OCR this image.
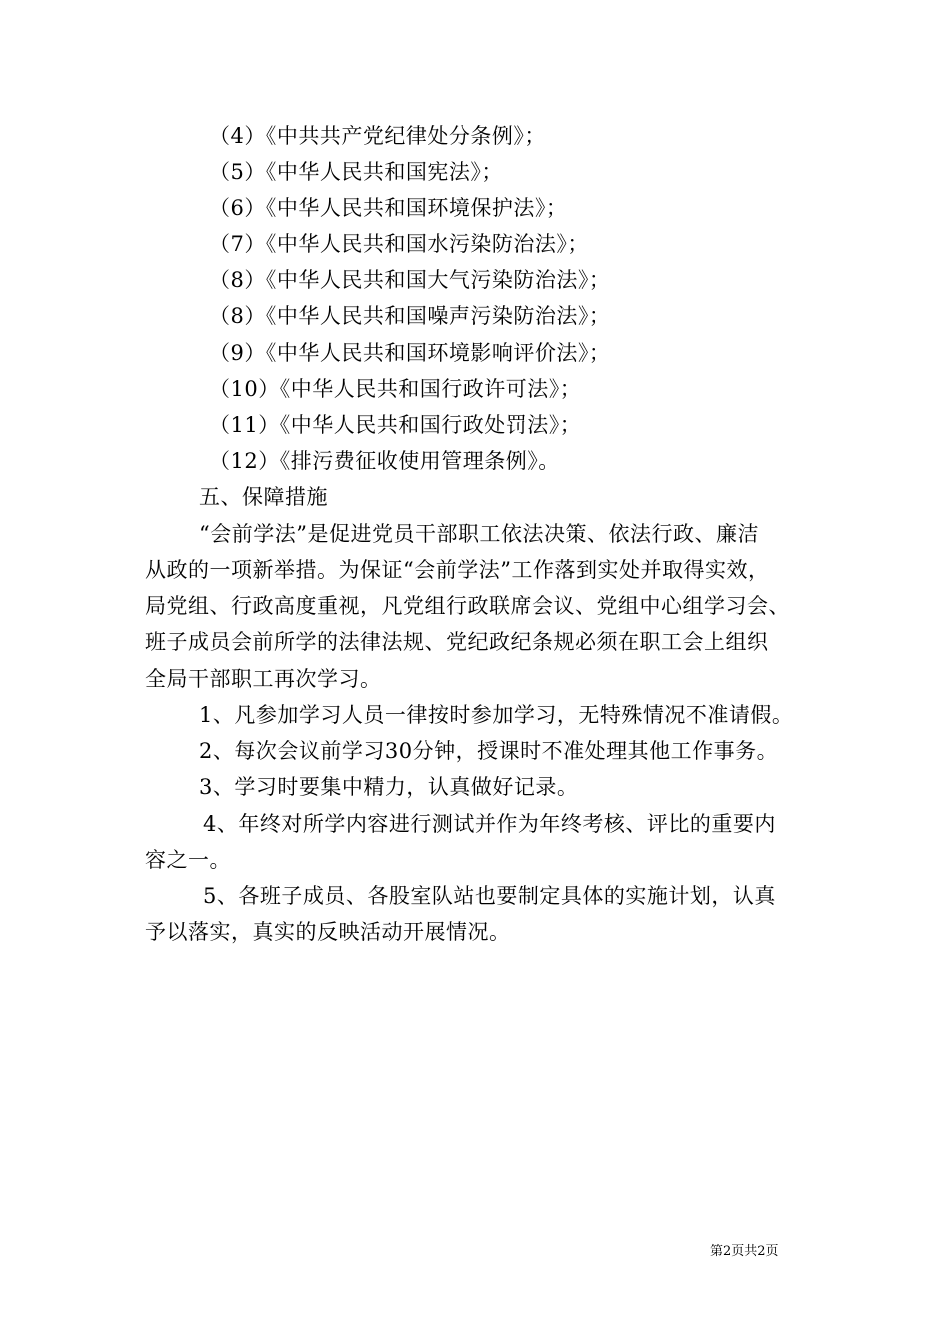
（4）《中共共产党纪律处分条例》；
（5）《中华人民共和国宪法》；
（6）《中华人民共和国环境保护法》；
（7）《中华人民共和国水污染防治法》；
（8）《中华人民共和国大气污染防治法》；
（8）《中华人民共和国噪声污染防治法》；
（9）《中华人民共和国环境影响评价法》；
（10）《中华人民共和国行政许可法》；
（11）《中华人民共和国行政处罚法》；
（12）《排污费征收使用管理条例》。
五、保障措施
“会前学法”是促进党员干部职工依法决策、依法行政、廉洁
从政的一项新举措。为保证“会前学法”工作落到实处并取得实效，
局党组、行政高度重视，凡党组行政联席会议、党组中心组学习会、
班子成员会前所学的法律法规、党纪政纪条规必须在职工会上组织
全局干部职工再次学习。
1、凡参加学习人员一律按时参加学习，无特殊情况不准请假。
2、每次会议前学习30分钟，授课时不准处理其他工作事务。
3、学习时要集中精力，认真做好记录。
4、年终对所学内容进行测试并作为年终考核、评比的重要内
容之一。
5、各班子成员、各股室队站也要制定具体的实施计划，认真
予以落实，真实的反映活动开展情况。
第2页共2页
